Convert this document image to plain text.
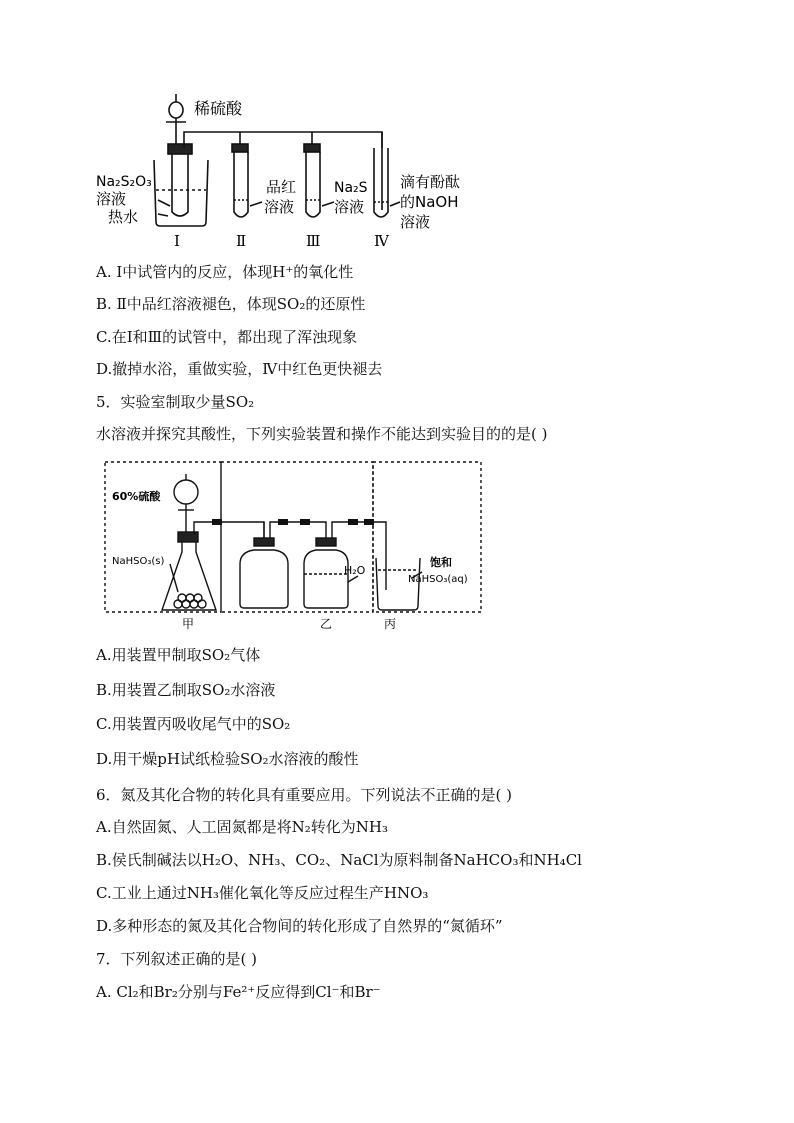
稀硫酸
Na₂S₂O₃
溶液
热水
品红
溶液
Na₂S
溶液
滴有酚酞
的NaOH
溶液
Ⅰ	Ⅱ	Ⅲ	Ⅳ
A. Ⅰ中试管内的反应，体现H⁺的氧化性
B. Ⅱ中品红溶液褪色，体现SO₂的还原性
C.在Ⅰ和Ⅲ的试管中，都出现了浑浊现象
D.撤掉水浴，重做实验，Ⅳ中红色更快褪去
5．实验室制取少量SO₂
水溶液并探究其酸性，下列实验装置和操作不能达到实验目的的是( )
60%硫酸
NaHSO₃(s)
H₂O
饱和
NaHSO₃(aq)
甲	乙	丙
A.用装置甲制取SO₂气体
B.用装置乙制取SO₂水溶液
C.用装置丙吸收尾气中的SO₂
D.用干燥pH试纸检验SO₂水溶液的酸性
6．氮及其化合物的转化具有重要应用。下列说法不正确的是( )
A.自然固氮、人工固氮都是将N₂转化为NH₃
B.侯氏制碱法以H₂O、NH₃、CO₂、NaCl为原料制备NaHCO₃和NH₄Cl
C.工业上通过NH₃催化氧化等反应过程生产HNO₃
D.多种形态的氮及其化合物间的转化形成了自然界的“氮循环”
7．下列叙述正确的是( )
A. Cl₂和Br₂分别与Fe²⁺反应得到Cl⁻和Br⁻
